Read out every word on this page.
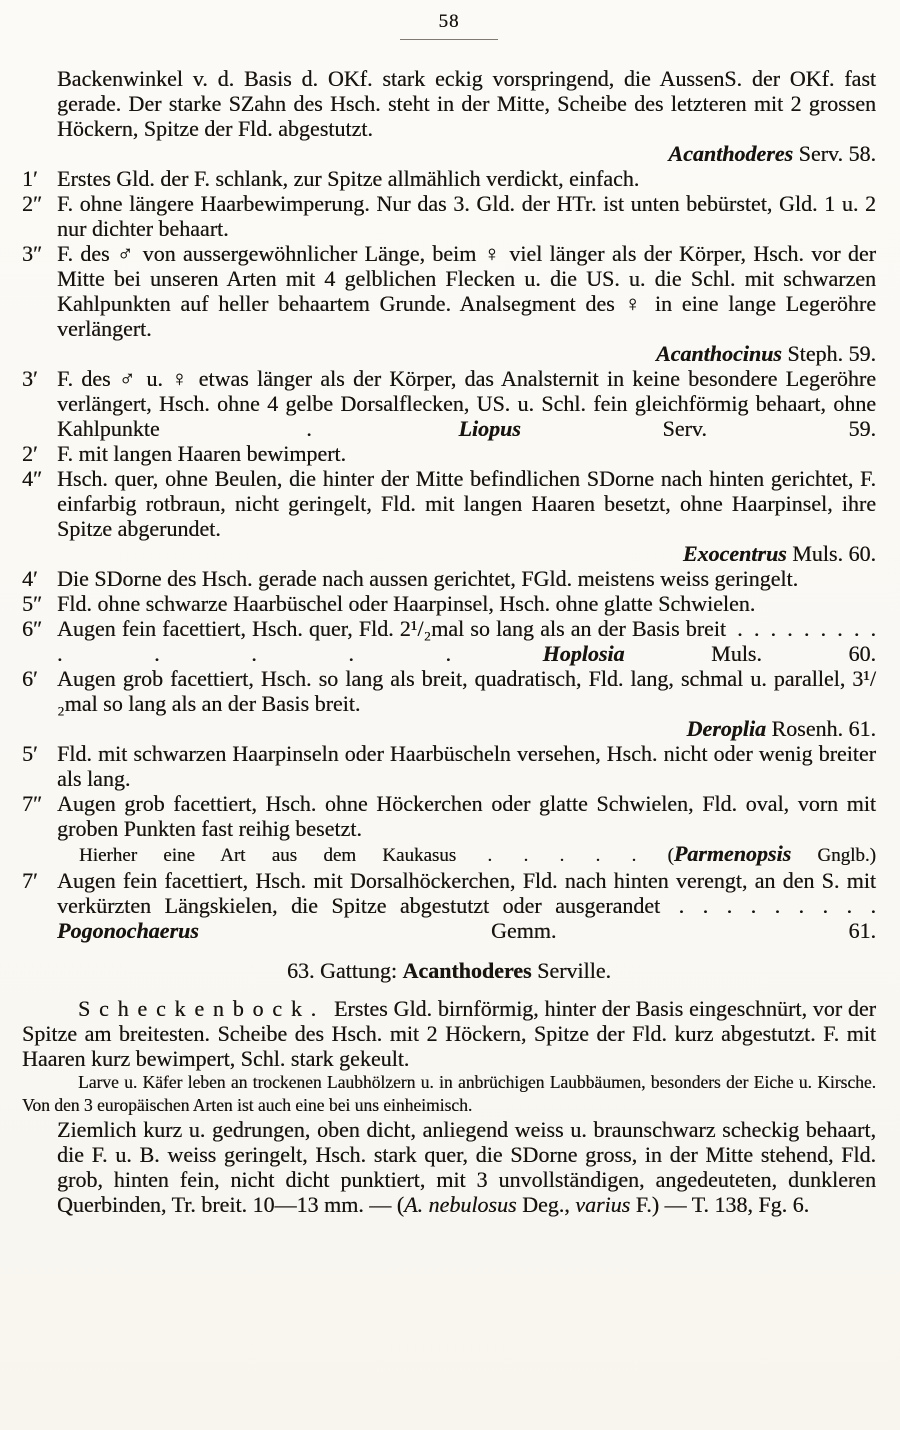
58

Backenwinkel v. d. Basis d. OKf. stark eckig vorspringend, die AussenS. der OKf. fast gerade. Der starke SZahn des Hsch. steht in der Mitte, Scheibe des letzteren mit 2 grossen Höckern, Spitze der Fld. abgestutzt.

Acanthoderes Serv. 58.
1′ Erstes Gld. der F. schlank, zur Spitze allmählich verdickt, einfach.
2″ F. ohne längere Haarbewimperung. Nur das 3. Gld. der HTr. ist unten bebürstet, Gld. 1 u. 2 nur dichter behaart.
3″ F. des ♂ von aussergewöhnlicher Länge, beim ♀ viel länger als der Körper, Hsch. vor der Mitte bei unseren Arten mit 4 gelblichen Flecken u. die US. u. die Schl. mit schwarzen Kahlpunkten auf heller behaartem Grunde. Analsegment des ♀ in eine lange Legeröhre verlängert.
Acanthocinus Steph. 59.
3′ F. des ♂ u. ♀ etwas länger als der Körper, das Analsternit in keine besondere Legeröhre verlängert, Hsch. ohne 4 gelbe Dorsalflecken, US. u. Schl. fein gleichförmig behaart, ohne Kahlpunkte . Liopus Serv. 59.
2′ F. mit langen Haaren bewimpert.
4″ Hsch. quer, ohne Beulen, die hinter der Mitte befindlichen SDorne nach hinten gerichtet, F. einfarbig rotbraun, nicht geringelt, Fld. mit langen Haaren besetzt, ohne Haarpinsel, ihre Spitze abgerundet.
Exocentrus Muls. 60.
4′ Die SDorne des Hsch. gerade nach aussen gerichtet, FGld. meistens weiss geringelt.
5″ Fld. ohne schwarze Haarbüschel oder Haarpinsel, Hsch. ohne glatte Schwielen.
6″ Augen fein facettiert, Hsch. quer, Fld. 2¹/₂mal so lang als an der Basis breit . . . . . . . . . . . . . . Hoplosia Muls. 60.
6′ Augen grob facettiert, Hsch. so lang als breit, quadratisch, Fld. lang, schmal u. parallel, 3¹/₂mal so lang als an der Basis breit.
Deroplia Rosenh. 61.
5′ Fld. mit schwarzen Haarpinseln oder Haarbüscheln versehen, Hsch. nicht oder wenig breiter als lang.
7″ Augen grob facettiert, Hsch. ohne Höckerchen oder glatte Schwielen, Fld. oval, vorn mit groben Punkten fast reihig besetzt.
Hierher eine Art aus dem Kaukasus . . . . . (Parmenopsis Gnglb.)
7′ Augen fein facettiert, Hsch. mit Dorsalhöckerchen, Fld. nach hinten verengt, an den S. mit verkürzten Längskielen, die Spitze abgestutzt oder ausgerandet . . . . . . . . . Pogonochaerus Gemm. 61.
63. Gattung: Acanthoderes Serville.

Scheckenbock. Erstes Gld. birnförmig, hinter der Basis eingeschnürt, vor der Spitze am breitesten. Scheibe des Hsch. mit 2 Höckern, Spitze der Fld. kurz abgestutzt. F. mit Haaren kurz bewimpert, Schl. stark gekeult.

Larve u. Käfer leben an trockenen Laubhölzern u. in anbrüchigen Laubbäumen, besonders der Eiche u. Kirsche. Von den 3 europäischen Arten ist auch eine bei uns einheimisch.

Ziemlich kurz u. gedrungen, oben dicht, anliegend weiss u. braunschwarz scheckig behaart, die F. u. B. weiss geringelt, Hsch. stark quer, die SDorne gross, in der Mitte stehend, Fld. grob, hinten fein, nicht dicht punktiert, mit 3 unvollständigen, angedeuteten, dunkleren Querbinden, Tr. breit. 10—13 mm. — (A. nebulosus Deg., varius F.) — T. 138, Fg. 6.
